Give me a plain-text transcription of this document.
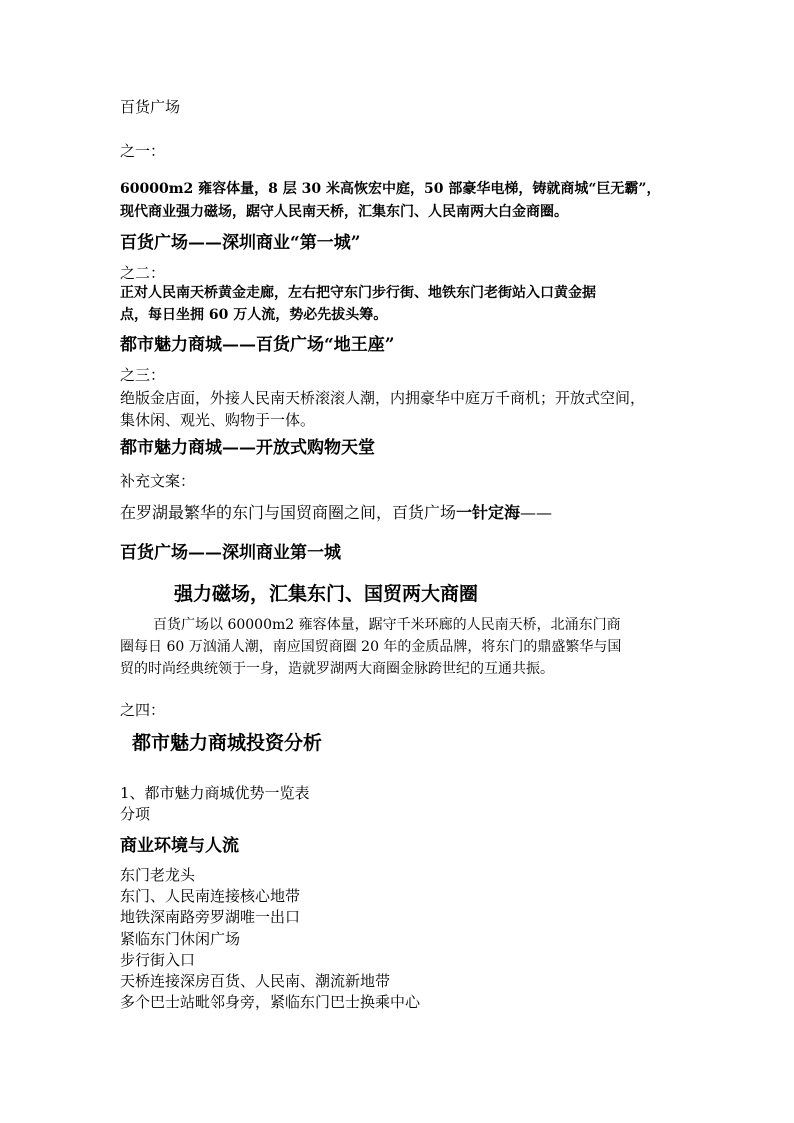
百货广场
之一：
60000m2 雍容体量，8 层 30 米高恢宏中庭，50 部豪华电梯，铸就商城“巨无霸”，
现代商业强力磁场，踞守人民南天桥，汇集东门、人民南两大白金商圈。
百货广场——深圳商业“第一城”
之二：
正对人民南天桥黄金走廊，左右把守东门步行街、地铁东门老街站入口黄金据
点，每日坐拥 60 万人流，势必先拔头筹。
都市魅力商城——百货广场“地王座”
之三：
绝版金店面，外接人民南天桥滚滚人潮，内拥豪华中庭万千商机；开放式空间，
集休闲、观光、购物于一体。
都市魅力商城——开放式购物天堂
补充文案：
在罗湖最繁华的东门与国贸商圈之间，百货广场一针定海——
百货广场——深圳商业第一城
强力磁场，汇集东门、国贸两大商圈
百货广场以 60000m2 雍容体量，踞守千米环廊的人民南天桥，北涌东门商
圈每日 60 万汹涌人潮，南应国贸商圈 20 年的金质品牌，将东门的鼎盛繁华与国
贸的时尚经典统领于一身，造就罗湖两大商圈金脉跨世纪的互通共振。
之四：
都市魅力商城投资分析
1、都市魅力商城优势一览表
分项
商业环境与人流
东门老龙头
东门、人民南连接核心地带
地铁深南路旁罗湖唯一出口
紧临东门休闲广场
步行街入口
天桥连接深房百货、人民南、潮流新地带
多个巴士站毗邻身旁，紧临东门巴士换乘中心
